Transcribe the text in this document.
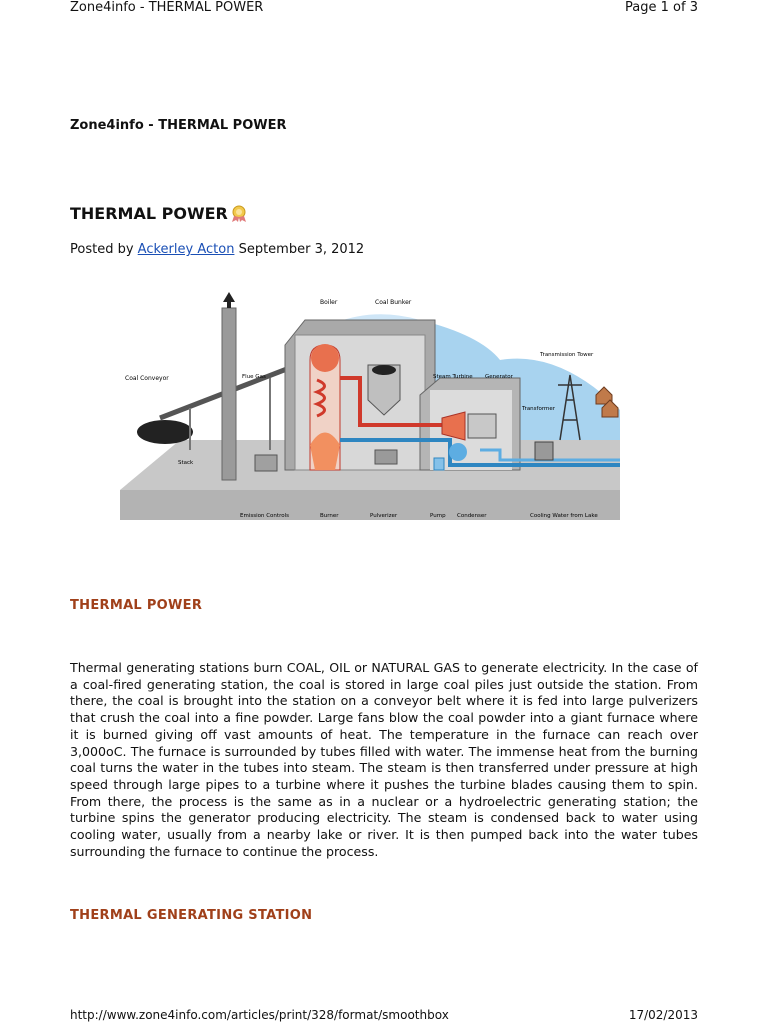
Zone4info - THERMAL POWER	Page 1 of 3
Zone4info - THERMAL POWER
THERMAL POWER
Posted by Ackerley Acton September 3, 2012
Boiler	Coal Bunker
Coal Conveyor	Flue Gas	Steam Turbine Generator
Transmission Tower
Transformer
Stack
Emission Controls	Burner	Pulverizer	Pump Condenser	Cooling Water from Lake
THERMAL POWER
Thermal generating stations burn COAL, OIL or NATURAL GAS to generate electricity. In the case of a coal-fired generating station, the coal is stored in large coal piles just outside the station. From there, the coal is brought into the station on a conveyor belt where it is fed into large pulverizers that crush the coal into a fine powder. Large fans blow the coal powder into a giant furnace where it is burned giving off vast amounts of heat. The temperature in the furnace can reach over 3,000oC. The furnace is surrounded by tubes filled with water. The immense heat from the burning coal turns the water in the tubes into steam. The steam is then transferred under pressure at high speed through large pipes to a turbine where it pushes the turbine blades causing them to spin. From there, the process is the same as in a nuclear or a hydroelectric generating station; the turbine spins the generator producing electricity. The steam is condensed back to water using cooling water, usually from a nearby lake or river. It is then pumped back into the water tubes surrounding the furnace to continue the process.
THERMAL GENERATING STATION
http://www.zone4info.com/articles/print/328/format/smoothbox	17/02/2013
